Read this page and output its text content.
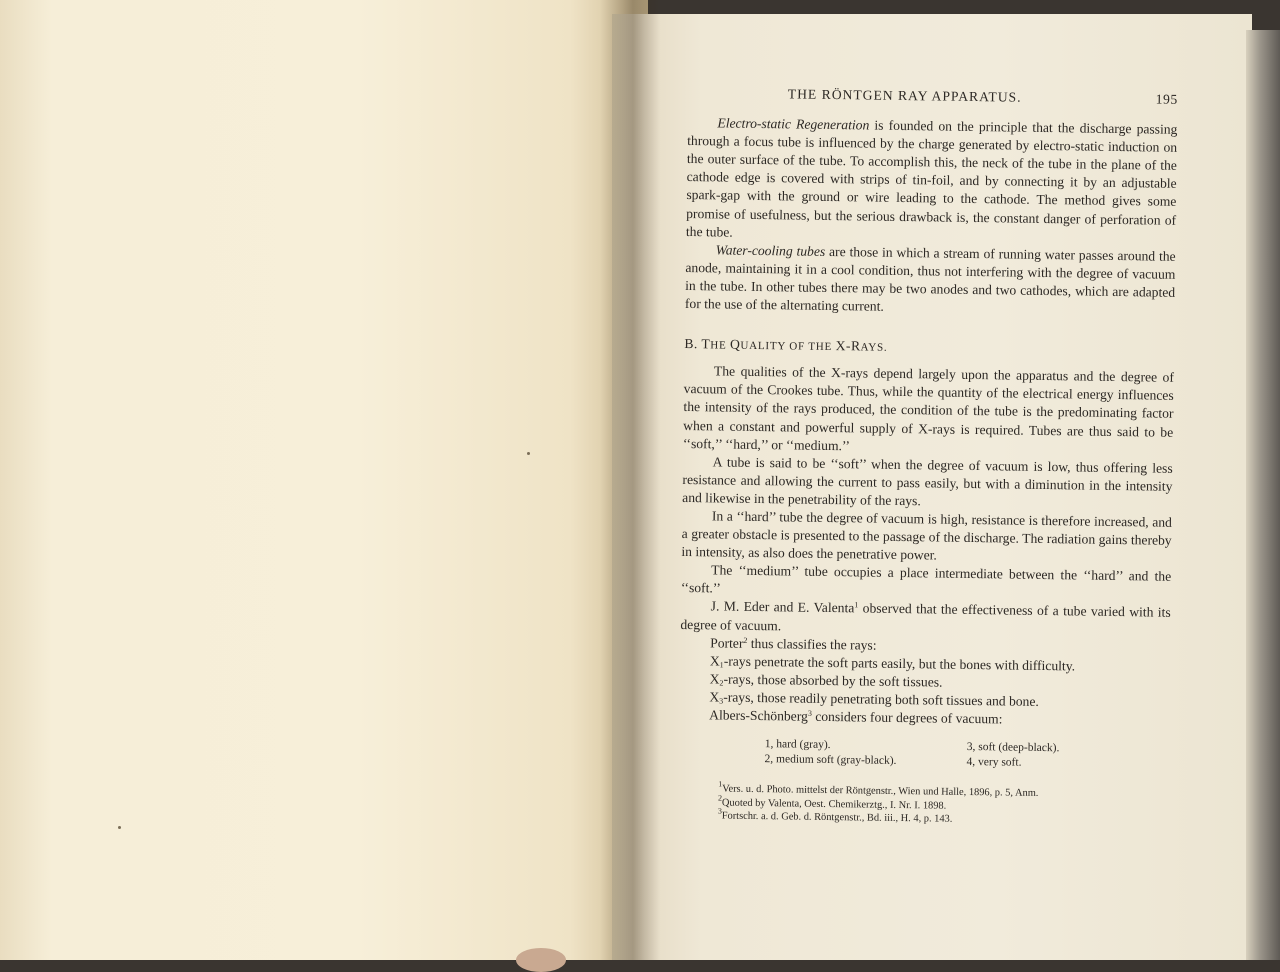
THE RÖNTGEN RAY APPARATUS.	195

Electro-static Regeneration is founded on the principle that the discharge passing through a focus tube is influenced by the charge generated by electro-static induction on the outer surface of the tube. To accomplish this, the neck of the tube in the plane of the cathode edge is covered with strips of tin-foil, and by connecting it by an adjustable spark-gap with the ground or wire leading to the cathode. The method gives some promise of usefulness, but the serious drawback is, the constant danger of perforation of the tube.

Water-cooling tubes are those in which a stream of running water passes around the anode, maintaining it in a cool condition, thus not interfering with the degree of vacuum in the tube. In other tubes there may be two anodes and two cathodes, which are adapted for the use of the alternating current.

B. THE QUALITY OF THE X-RAYS.

The qualities of the X-rays depend largely upon the apparatus and the degree of vacuum of the Crookes tube. Thus, while the quantity of the electrical energy influences the intensity of the rays produced, the condition of the tube is the predominating factor when a constant and powerful supply of X-rays is required. Tubes are thus said to be ‘‘soft,’’ ‘‘hard,’’ or ‘‘medium.’’

A tube is said to be ‘‘soft’’ when the degree of vacuum is low, thus offering less resistance and allowing the current to pass easily, but with a diminution in the intensity and likewise in the penetrability of the rays.

In a ‘‘hard’’ tube the degree of vacuum is high, resistance is therefore increased, and a greater obstacle is presented to the passage of the discharge. The radiation gains thereby in intensity, as also does the penetrative power.

The ‘‘medium’’ tube occupies a place intermediate between the ‘‘hard’’ and the ‘‘soft.’’

J. M. Eder and E. Valenta$^1$ observed that the effectiveness of a tube varied with its degree of vacuum.

Porter$^2$ thus classifies the rays:

$X_1$-rays penetrate the soft parts easily, but the bones with difficulty.

$X_2$-rays, those absorbed by the soft tissues.

$X_3$-rays, those readily penetrating both soft tissues and bone.

Albers-Schönberg$^3$ considers four degrees of vacuum:

1, hard (gray).
2, medium soft (gray-black).
3, soft (deep-black).
4, very soft.
$^1$Vers. u. d. Photo. mittelst der Röntgenstr., Wien und Halle, 1896, p. 5, Anm.
$^2$Quoted by Valenta, Oest. Chemikerztg., I. Nr. I. 1898.
$^3$Fortschr. a. d. Geb. d. Röntgenstr., Bd. iii., H. 4, p. 143.
